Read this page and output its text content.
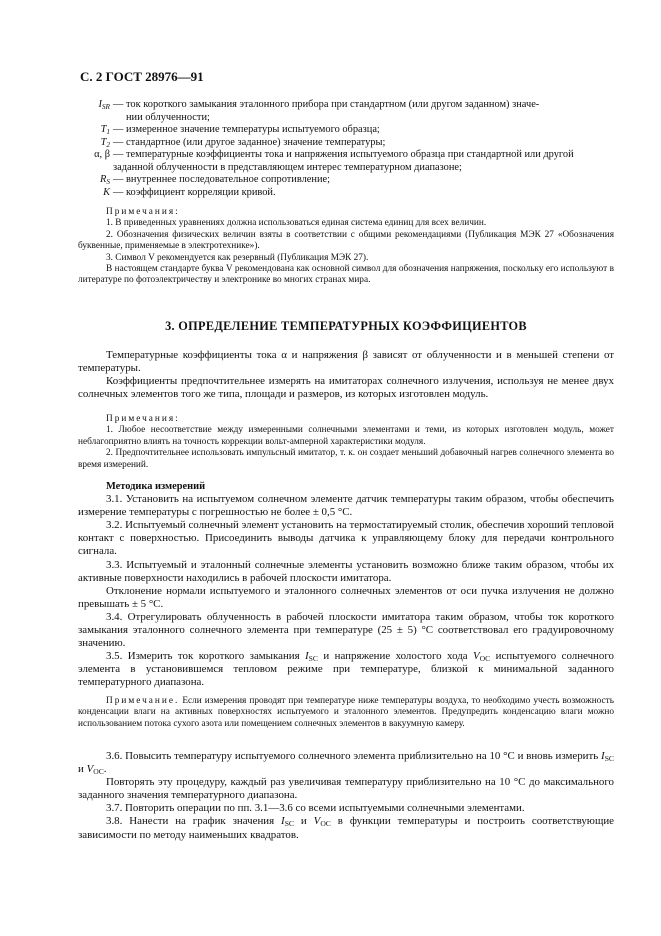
С. 2 ГОСТ 28976—91
$I_{SR}$ — ток короткого замыкания эталонного прибора при стандартном (или другом заданном) значе-
нии облученности;
$T_1$ — измеренное значение температуры испытуемого образца;
$T_2$ — стандартное (или другое заданное) значение температуры;
α, β — температурные коэффициенты тока и напряжения испытуемого образца при стандартной или другой заданной облученности в представляющем интерес температурном диапазоне;
$R_S$ — внутреннее последовательное сопротивление;
K — коэффициент корреляции кривой.

Примечания:

1. В приведенных уравнениях должна использоваться единая система единиц для всех величин.

2. Обозначения физических величин взяты в соответствии с общими рекомендациями (Публикация МЭК 27 «Обозначения буквенные, применяемые в электротехнике»).

3. Символ V рекомендуется как резервный (Публикация МЭК 27).

В настоящем стандарте буква V рекомендована как основной символ для обозначения напряжения, поскольку его используют в литературе по фотоэлектричеству и электронике во многих странах мира.

3. ОПРЕДЕЛЕНИЕ ТЕМПЕРАТУРНЫХ КОЭФФИЦИЕНТОВ

Температурные коэффициенты тока α и напряжения β зависят от облученности и в меньшей степени от температуры.

Коэффициенты предпочтительнее измерять на имитаторах солнечного излучения, используя не менее двух солнечных элементов того же типа, площади и размеров, из которых изготовлен модуль.

Примечания:

1. Любое несоответствие между измеренными солнечными элементами и теми, из которых изготовлен модуль, может неблагоприятно влиять на точность коррекции вольт-амперной характеристики модуля.

2. Предпочтительнее использовать импульсный имитатор, т. к. он создает меньший добавочный нагрев солнечного элемента во время измерений.

Методика измерений

3.1. Установить на испытуемом солнечном элементе датчик температуры таким образом, чтобы обеспечить измерение температуры с погрешностью не более ± 0,5 °С.

3.2. Испытуемый солнечный элемент установить на термостатируемый столик, обеспечив хороший тепловой контакт с поверхностью. Присоединить выводы датчика к управляющему блоку для передачи контрольного сигнала.

3.3. Испытуемый и эталонный солнечные элементы установить возможно ближе таким образом, чтобы их активные поверхности находились в рабочей плоскости имитатора.

Отклонение нормали испытуемого и эталонного солнечных элементов от оси пучка излучения не должно превышать ± 5 °С.

3.4. Отрегулировать облученность в рабочей плоскости имитатора таким образом, чтобы ток короткого замыкания эталонного солнечного элемента при температуре (25 ± 5) °С соответствовал его градуировочному значению.

3.5. Измерить ток короткого замыкания $I_{SC}$ и напряжение холостого хода $V_{OC}$ испытуемого солнечного элемента в установившемся тепловом режиме при температуре, близкой к минимальной заданного температурного диапазона.

Примечание. Если измерения проводят при температуре ниже температуры воздуха, то необходимо учесть возможность конденсации влаги на активных поверхностях испытуемого и эталонного элементов. Предупредить конденсацию влаги можно использованием потока сухого азота или помещением солнечных элементов в вакуумную камеру.

3.6. Повысить температуру испытуемого солнечного элемента приблизительно на 10 °С и вновь измерить $I_{SC}$ и $V_{OC}$.

Повторять эту процедуру, каждый раз увеличивая температуру приблизительно на 10 °С до максимального заданного значения температурного диапазона.

3.7. Повторить операции по пп. 3.1—3.6 со всеми испытуемыми солнечными элементами.

3.8. Нанести на график значения $I_{SC}$ и $V_{OC}$ в функции температуры и построить соответствующие зависимости по методу наименьших квадратов.
